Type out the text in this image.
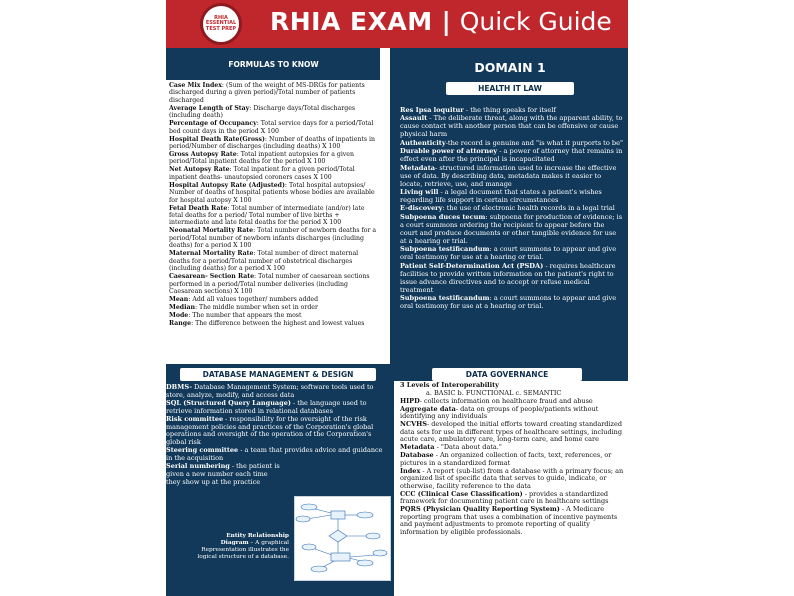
RHIA
ESSENTIAL
TEST PREP RHIA EXAM | Quick Guide
FORMULAS TO KNOW

Case Mix Index: (Sum of the weight of MS-DRGs for patients discharged during a given period)/Total number of patients discharged

Average Length of Stay: Discharge days/Total discharges (including death)

Percentage of Occupancy: Total service days for a period/Total bed count days in the period X 100

Hospital Death Rate(Gross): Number of deaths of inpatients in period/Number of discharges (including deaths) X 100

Gross Autopsy Rate: Total inpatient autopsies for a given period/Total inpatient deaths for the period X 100

Net Autopsy Rate: Total inpatient for a given period/Total inpatient deaths- unautopsied coroners cases X 100

Hospital Autopsy Rate (Adjusted): Total hospital autopsies/ Number of deaths of hospital patients whose bodies are available for hospital autopsy X 100

Fetal Death Rate: Total number of intermediate (and/or) late fetal deaths for a period/ Total number of live births + intermediate and late fetal deaths for the period X 100

Neonatal Mortality Rate: Total number of newborn deaths for a period/Total number of newborn infants discharges (including deaths) for a period X 100

Maternal Mortality Rate: Total number of direct maternal deaths for a period/Total number of obstetrical discharges (including deaths) for a period X 100

Caesarean- Section Rate: Total number of caesarean sections performed in a period/Total number deliveries (including Caesarean sections) X 100

Mean: Add all values together/ numbers added

Median: The middle number when set in order

Mode: The number that appears the most

Range: The difference between the highest and lowest values

DOMAIN 1
HEALTH IT LAW

Res Ipsa loquitur - the thing speaks for itself

Assault - The deliberate threat, along with the apparent ability, to cause contact with another person that can be offensive or cause physical harm

Authenticity-the record is genuine and "is what it purports to be"

Durable power of attorney - a power of attorney that remains in effect even after the principal is incapacitated

Metadata- structured information used to increase the effective use of data. By describing data, metadata makes it easier to locate, retrieve, use, and manage

Living will - a legal document that states a patient's wishes regarding life support in certain circumstances

E-discovery: the use of electronic health records in a legal trial

Subpoena duces tecum: subpoena for production of evidence; is a court summons ordering the recipient to appear before the court and produce documents or other tangible evidence for use at a hearing or trial.

Subpoena testificandum: a court summons to appear and give oral testimony for use at a hearing or trial.

Patient Self-Determination Act (PSDA) - requires healthcare facilities to provide written information on the patient's right to issue advance directives and to accept or refuse medical treatment

Subpoena testificandum: a court summons to appear and give oral testimony for use at a hearing or trial.

DATABASE MANAGEMENT & DESIGN

DBMS- Database Management System; software tools used to store, analyze, modify, and access data

SQL (Structured Query Language) - the language used to retrieve information stored in relational databases

Risk committee - responsibility for the oversight of the risk management policies and practices of the Corporation's global operations and oversight of the operation of the Corporation's global risk

Steering committee - a team that provides advice and guidance in the acquisition

Serial numbering - the patient is
given a new number each time
they show up at the practice

Entity Relationship
Diagram – A graphical
Representation illustrates the
logical structure of a database.
DATA GOVERNANCE

3 Levels of Interoperability

a. BASIC b. FUNCTIONAL c. SEMANTIC

HIPD- collects information on healthcare fraud and abuse

Aggregate data- data on groups of people/patients without identifying any individuals

NCVHS- developed the initial efforts toward creating standardized data sets for use in different types of healthcare settings, including acute care, ambulatory care, long-term care, and home care

Metadata - "Data about data."

Database - An organized collection of facts, text, references, or pictures in a standardized format

Index - A report (sub-list) from a database with a primary focus; an organized list of specific data that serves to guide, indicate, or otherwise, facility reference to the data

CCC (Clinical Case Classification) - provides a standardized framework for documenting patient care in healthcare settings

PQRS (Physician Quality Reporting System) - A Medicare reporting program that uses a combination of incentive payments and payment adjustments to promote reporting of quality information by eligible professionals.
